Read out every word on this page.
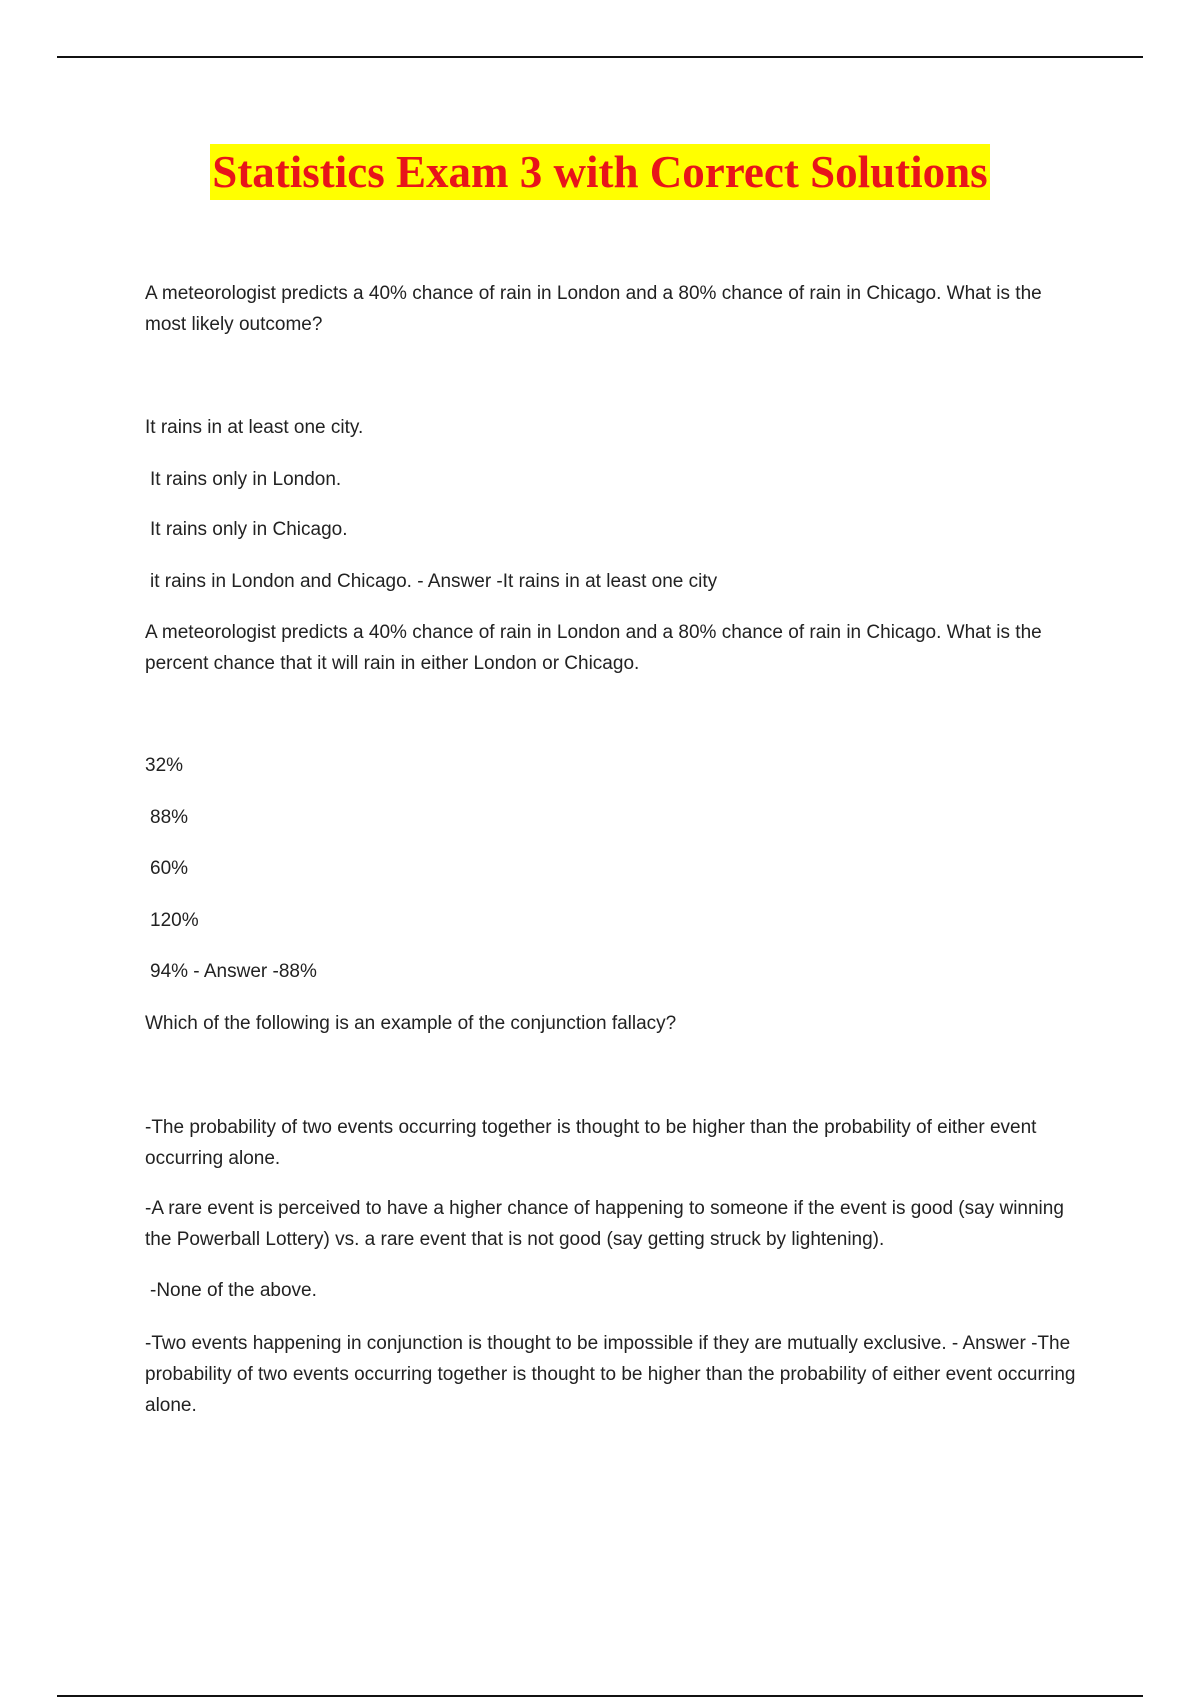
Statistics Exam 3 with Correct Solutions

A meteorologist predicts a 40% chance of rain in London and a 80% chance of rain in Chicago. What is the most likely outcome?

It rains in at least one city.

It rains only in London.

It rains only in Chicago.

it rains in London and Chicago. - Answer -It rains in at least one city

A meteorologist predicts a 40% chance of rain in London and a 80% chance of rain in Chicago. What is the percent chance that it will rain in either London or Chicago.

32%

88%

60%

120%

94% - Answer -88%

Which of the following is an example of the conjunction fallacy?

-The probability of two events occurring together is thought to be higher than the probability of either event occurring alone.

-A rare event is perceived to have a higher chance of happening to someone if the event is good (say winning the Powerball Lottery) vs. a rare event that is not good (say getting struck by lightening).

-None of the above.

-Two events happening in conjunction is thought to be impossible if they are mutually exclusive. - Answer -The probability of two events occurring together is thought to be higher than the probability of either event occurring alone.
